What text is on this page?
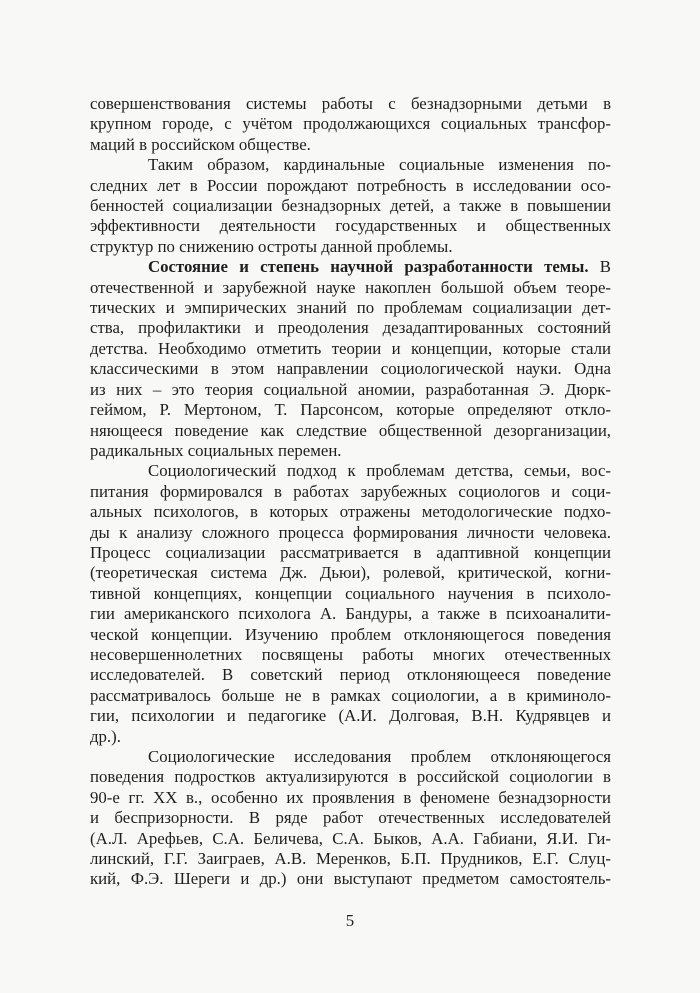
совершенствования системы работы с безнадзорными детьми в
крупном городе, с учётом продолжающихся социальных трансфор-
маций в российском обществе.
Таким образом, кардинальные социальные изменения по-
следних лет в России порождают потребность в исследовании осо-
бенностей социализации безнадзорных детей, а также в повышении
эффективности деятельности государственных и общественных
структур по снижению остроты данной проблемы.
Состояние и степень научной разработанности темы. В
отечественной и зарубежной науке накоплен большой объем теоре-
тических и эмпирических знаний по проблемам социализации дет-
ства, профилактики и преодоления дезадаптированных состояний
детства. Необходимо отметить теории и концепции, которые стали
классическими в этом направлении социологической науки. Одна
из них – это теория социальной аномии, разработанная Э. Дюрк-
геймом, Р. Мертоном, Т. Парсонсом, которые определяют откло-
няющееся поведение как следствие общественной дезорганизации,
радикальных социальных перемен.
Социологический подход к проблемам детства, семьи, вос-
питания формировался в работах зарубежных социологов и соци-
альных психологов, в которых отражены методологические подхо-
ды к анализу сложного процесса формирования личности человека.
Процесс социализации рассматривается в адаптивной концепции
(теоретическая система Дж. Дьюи), ролевой, критической, когни-
тивной концепциях, концепции социального научения в психоло-
гии американского психолога А. Бандуры, а также в психоаналити-
ческой концепции. Изучению проблем отклоняющегося поведения
несовершеннолетних посвящены работы многих отечественных
исследователей. В советский период отклоняющееся поведение
рассматривалось больше не в рамках социологии, а в криминоло-
гии, психологии и педагогике (А.И. Долговая, В.Н. Кудрявцев и
др.).
Социологические исследования проблем отклоняющегося
поведения подростков актуализируются в российской социологии в
90-е гг. XX в., особенно их проявления в феномене безнадзорности
и беспризорности. В ряде работ отечественных исследователей
(А.Л. Арефьев, С.А. Беличева, С.А. Быков, А.А. Габиани, Я.И. Ги-
линский, Г.Г. Заиграев, А.В. Меренков, Б.П. Прудников, Е.Г. Слуц-
кий, Ф.Э. Шереги и др.) они выступают предметом самостоятель-
5
